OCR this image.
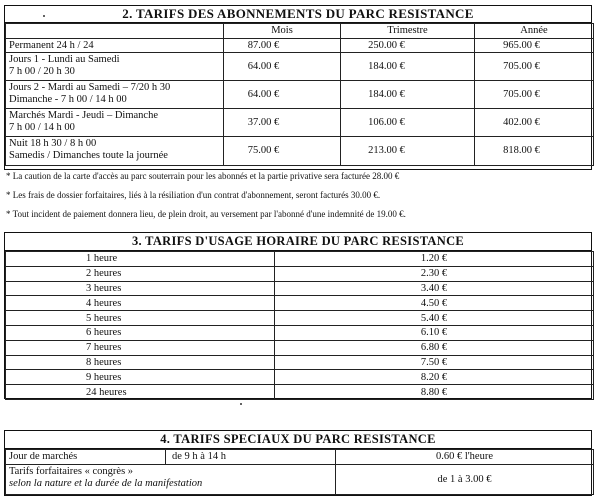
2. TARIFS DES ABONNEMENTS DU PARC RESISTANCE
	Mois	Trimestre	Année
Permanent 24 h / 24	87.00 €	250.00 €	965.00 €
Jours 1 - Lundi au Samedi
7 h 00 / 20 h 30	64.00 €	184.00 €	705.00 €
Jours 2 - Mardi au Samedi – 7/20 h 30
Dimanche - 7 h 00 / 14 h 00	64.00 €	184.00 €	705.00 €
Marchés Mardi - Jeudi – Dimanche
7 h 00 / 14 h 00	37.00 €	106.00 €	402.00 €
Nuit 18 h 30 / 8 h 00
Samedis / Dimanches toute la journée	75.00 €	213.00 €	818.00 €
* La caution de la carte d'accès au parc souterrain pour les abonnés et la partie privative sera facturée 28.00 €
* Les frais de dossier forfaitaires, liés à la résiliation d'un contrat d'abonnement, seront facturés 30.00 €.
* Tout incident de paiement donnera lieu, de plein droit, au versement par l'abonné d'une indemnité de 19.00 €.
3. TARIFS D'USAGE HORAIRE DU PARC RESISTANCE
1 heure	1.20 €
2 heures	2.30 €
3 heures	3.40 €
4 heures	4.50 €
5 heures	5.40 €
6 heures	6.10 €
7 heures	6.80 €
8 heures	7.50 €
9 heures	8.20 €
24 heures	8.80 €
4. TARIFS SPECIAUX DU PARC RESISTANCE
Jour de marchés	de 9 h à 14 h	0.60 € l'heure
Tarifs forfaitaires « congrès »
selon la nature et la durée de la manifestation		de 1 à 3.00 €
